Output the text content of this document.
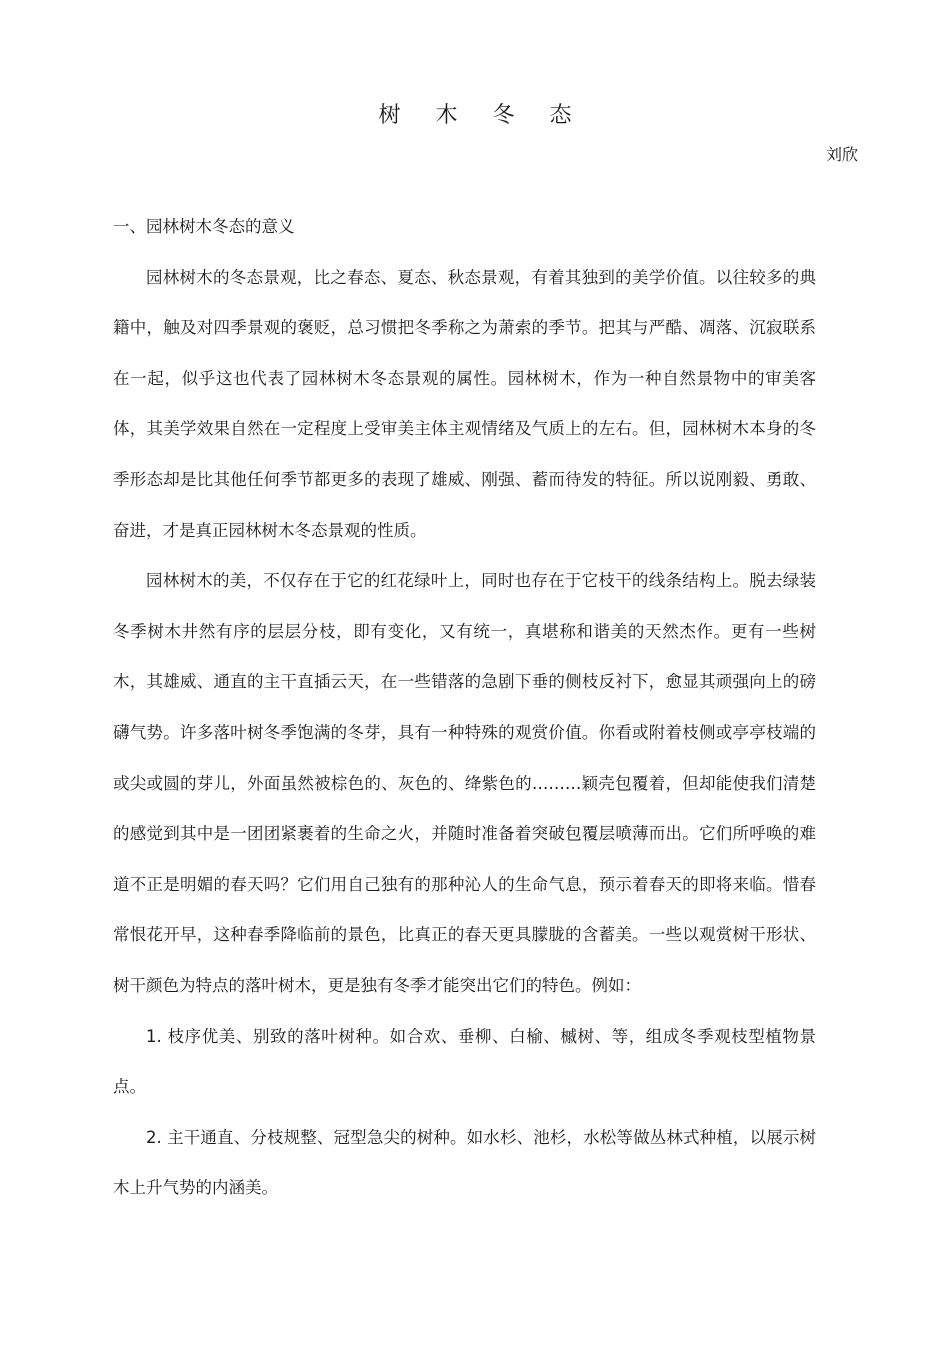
树 木 冬 态
刘欣

一、园林树木冬态的意义

园林树木的冬态景观，比之春态、夏态、秋态景观，有着其独到的美学价值。以往较多的典籍中，触及对四季景观的褒贬，总习惯把冬季称之为萧索的季节。把其与严酷、凋落、沉寂联系在一起，似乎这也代表了园林树木冬态景观的属性。园林树木，作为一种自然景物中的审美客体，其美学效果自然在一定程度上受审美主体主观情绪及气质上的左右。但，园林树木本身的冬季形态却是比其他任何季节都更多的表现了雄威、刚强、蓄而待发的特征。所以说刚毅、勇敢、奋进，才是真正园林树木冬态景观的性质。

园林树木的美，不仅存在于它的红花绿叶上，同时也存在于它枝干的线条结构上。脱去绿装冬季树木井然有序的层层分枝，即有变化，又有统一，真堪称和谐美的天然杰作。更有一些树木，其雄威、通直的主干直插云天，在一些错落的急剧下垂的侧枝反衬下，愈显其顽强向上的磅礴气势。许多落叶树冬季饱满的冬芽，具有一种特殊的观赏价值。你看或附着枝侧或亭亭枝端的或尖或圆的芽儿，外面虽然被棕色的、灰色的、绛紫色的………颖壳包覆着，但却能使我们清楚的感觉到其中是一团团紧裹着的生命之火，并随时准备着突破包覆层喷薄而出。它们所呼唤的难道不正是明媚的春天吗？它们用自己独有的那种沁人的生命气息，预示着春天的即将来临。惜春常恨花开早，这种春季降临前的景色，比真正的春天更具朦胧的含蓄美。一些以观赏树干形状、树干颜色为特点的落叶树木，更是独有冬季才能突出它们的特色。例如：

1. 枝序优美、别致的落叶树种。如合欢、垂柳、白榆、槭树、等，组成冬季观枝型植物景点。

2. 主干通直、分枝规整、冠型急尖的树种。如水杉、池杉，水松等做丛林式种植，以展示树木上升气势的内涵美。
